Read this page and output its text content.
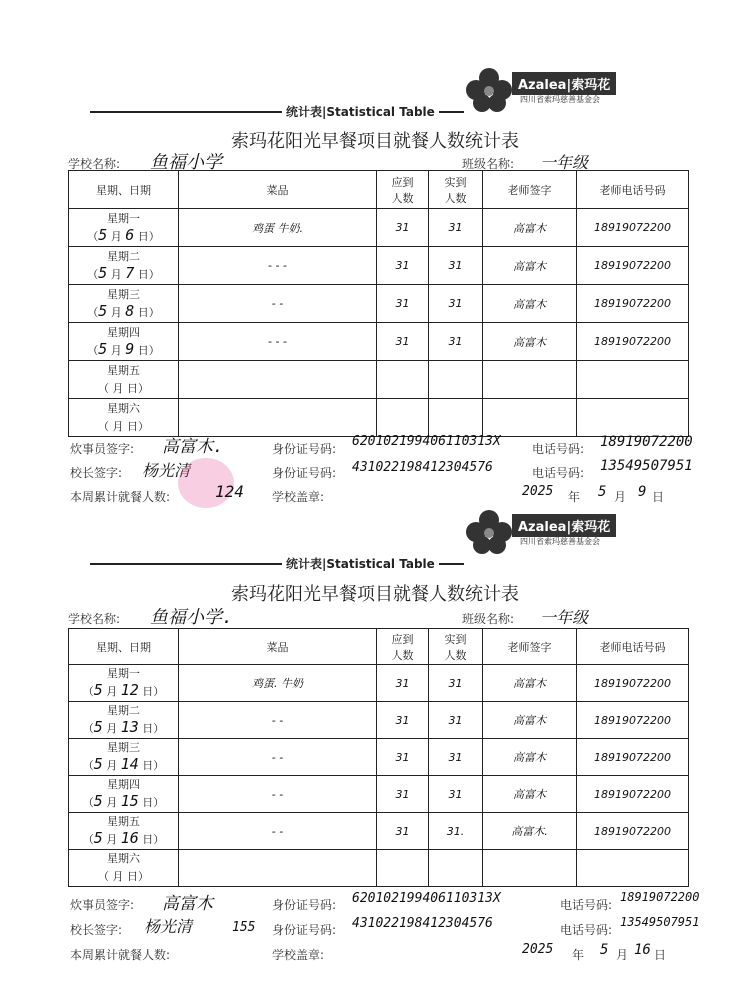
Azalea|索玛花
四川省索玛慈善基金会
统计表|Statistical Table
索玛花阳光早餐项目就餐人数统计表
学校名称: 鱼福小学	班级名称: 一年级
星期、日期	菜品	应到
人数	实到
人数	老师签字	老师电话号码

星期一
（5 月 6 日）	鸡蛋 牛奶.	31	31	高富木	18919072200

星期二
（5 月 7 日）	- - -	31	31	高富木	18919072200

星期三
（5 月 8 日）	- -	31	31	高富木	18919072200

星期四
（5 月 9 日）	- - -	31	31	高富木	18919072200

星期五
（ 月 日）					

星期六
（ 月 日）					
炊事员签字: 高富木.	身份证号码: 620102199406110313X	电话号码: 18919072200
校长签字: 杨光清	身份证号码: 431022198412304576	电话号码: 13549507951
本周累计就餐人数:	124 学校盖章:	2025 年 5 月 9 日
Azalea|索玛花
四川省索玛慈善基金会
统计表|Statistical Table
索玛花阳光早餐项目就餐人数统计表
学校名称: 鱼福小学.	班级名称: 一年级
星期、日期	菜品	应到
人数	实到
人数	老师签字	老师电话号码

星期一
（5 月 12 日）	鸡蛋. 牛奶	31	31	高富木	18919072200

星期二
（5 月 13 日）	- -	31	31	高富木	18919072200

星期三
（5 月 14 日）	- -	31	31	高富木	18919072200

星期四
（5 月 15 日）	- -	31	31	高富木	18919072200

星期五
（5 月 16 日）	- -	31	31.	高富木.	18919072200

星期六
（ 月 日）					
炊事员签字: 高富木	身份证号码: 620102199406110313X	电话号码:
18919072200
校长签字: 杨光清	155 身份证号码: 431022198412304576	电话号码:
13549507951
本周累计就餐人数:	学校盖章:	2025 年 5 月 16 日
